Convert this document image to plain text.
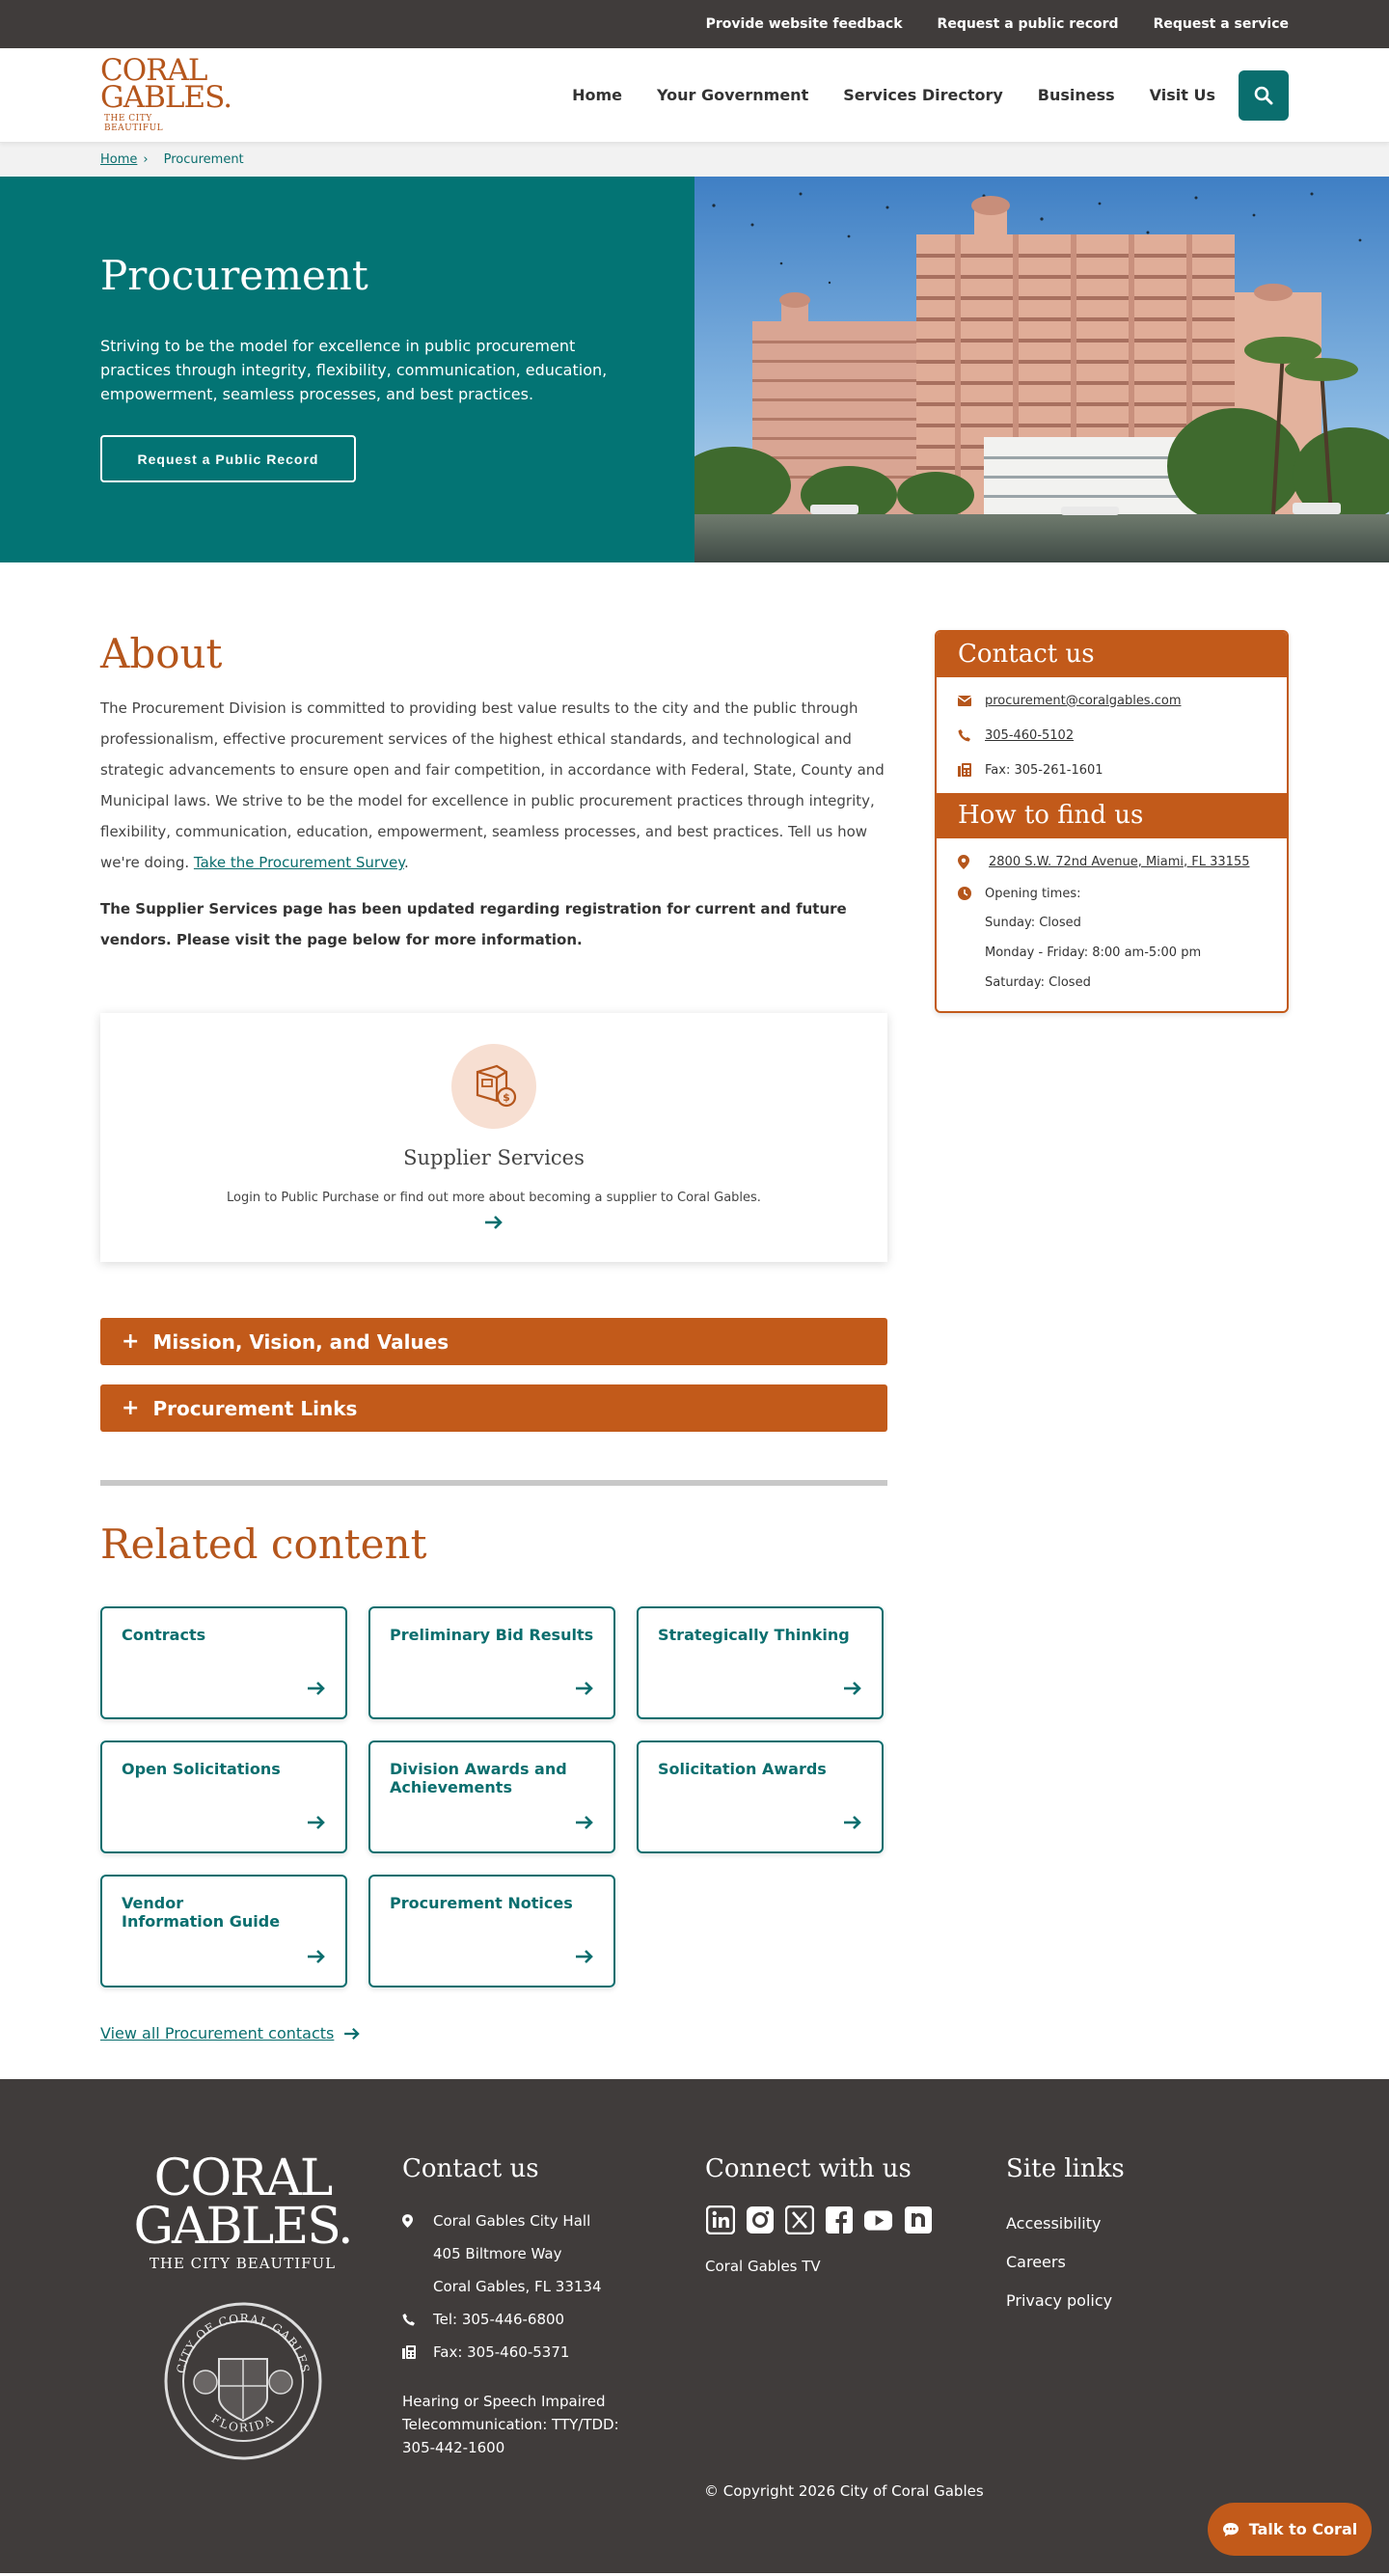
Provide website feedback	Request a public record	Request a service
CORAL
GABLES.
THE CITY BEAUTIFUL
Home Your Government Services Directory Business Visit Us
Home › Procurement
Procurement

Striving to be the model for excellence in public procurement practices through integrity, flexibility, communication, education, empowerment, seamless processes, and best practices.

Request a Public Record
About

The Procurement Division is committed to providing best value results to the city and the public through professionalism, effective procurement services of the highest ethical standards, and technological and strategic advancements to ensure open and fair competition, in accordance with Federal, State, County and Municipal laws. We strive to be the model for excellence in public procurement practices through integrity, flexibility, communication, education, empowerment, seamless processes, and best practices. Tell us how we're doing. Take the Procurement Survey.

The Supplier Services page has been updated regarding registration for current and future vendors. Please visit the page below for more information.

$
Supplier Services
Login to Public Purchase or find out more about becoming a supplier to Coral Gables.
+ Mission, Vision, and Values
+ Procurement Links
Related content
Contracts	Preliminary Bid Results	Strategically Thinking
Open Solicitations	Division Awards and Achievements
Solicitation Awards
Vendor Information Guide
Procurement Notices
View all Procurement contacts
Contact us
procurement@coralgables.com
305-460-5102
Fax: 305-261-1601
How to find us
2800 S.W. 72nd Avenue, Miami, FL 33155
Opening times:
Sunday: Closed
Monday - Friday: 8:00 am-5:00 pm
Saturday: Closed
CORAL
GABLES.
THE CITY BEAUTIFUL
CITY OF CORAL GABLES
FLORIDA
Contact us
Coral Gables City Hall
405 Biltmore Way
Coral Gables, FL 33134
Tel: 305-446-6800
Fax: 305-460-5371

Hearing or Speech Impaired Telecommunication: TTY/TDD: 305-442-1600

Connect with us
Coral Gables TV
Site links
Accessibility
Careers
Privacy policy
© Copyright 2026 City of Coral Gables
Talk to Coral
